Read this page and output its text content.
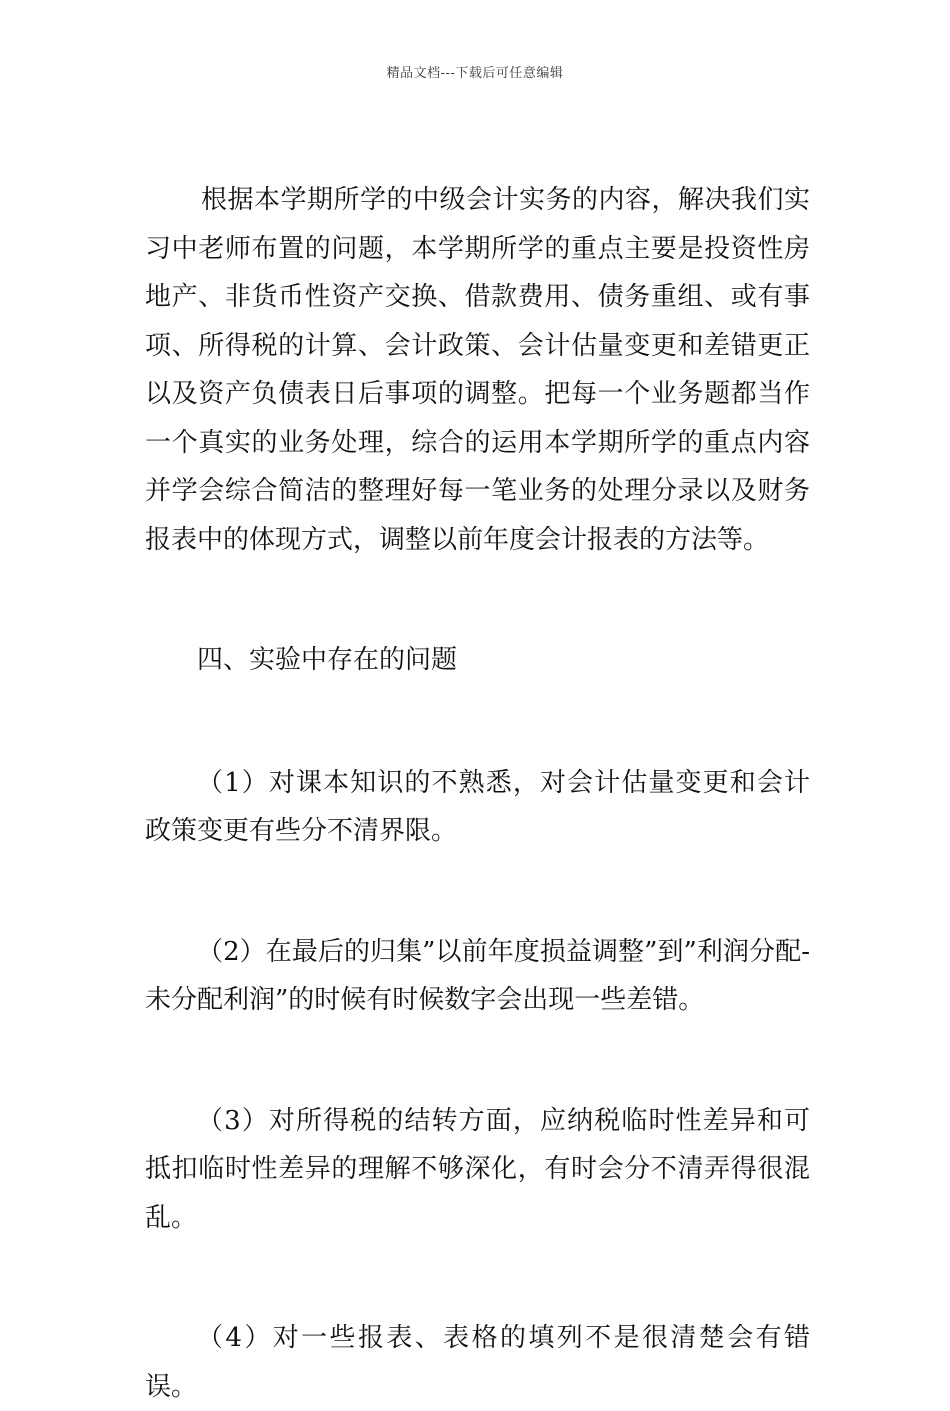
精品文档---下载后可任意编辑

根据本学期所学的中级会计实务的内容，解决我们实习中老师布置的问题，本学期所学的重点主要是投资性房地产、非货币性资产交换、借款费用、债务重组、或有事项、所得税的计算、会计政策、会计估量变更和差错更正以及资产负债表日后事项的调整。把每一个业务题都当作一个真实的业务处理，综合的运用本学期所学的重点内容并学会综合简洁的整理好每一笔业务的处理分录以及财务报表中的体现方式，调整以前年度会计报表的方法等。

四、实验中存在的问题

（1）对课本知识的不熟悉，对会计估量变更和会计政策变更有些分不清界限。

（2）在最后的归集”以前年度损益调整”到”利润分配-未分配利润”的时候有时候数字会出现一些差错。

（3）对所得税的结转方面，应纳税临时性差异和可抵扣临时性差异的理解不够深化，有时会分不清弄得很混乱。

（4）对一些报表、表格的填列不是很清楚会有错误。
